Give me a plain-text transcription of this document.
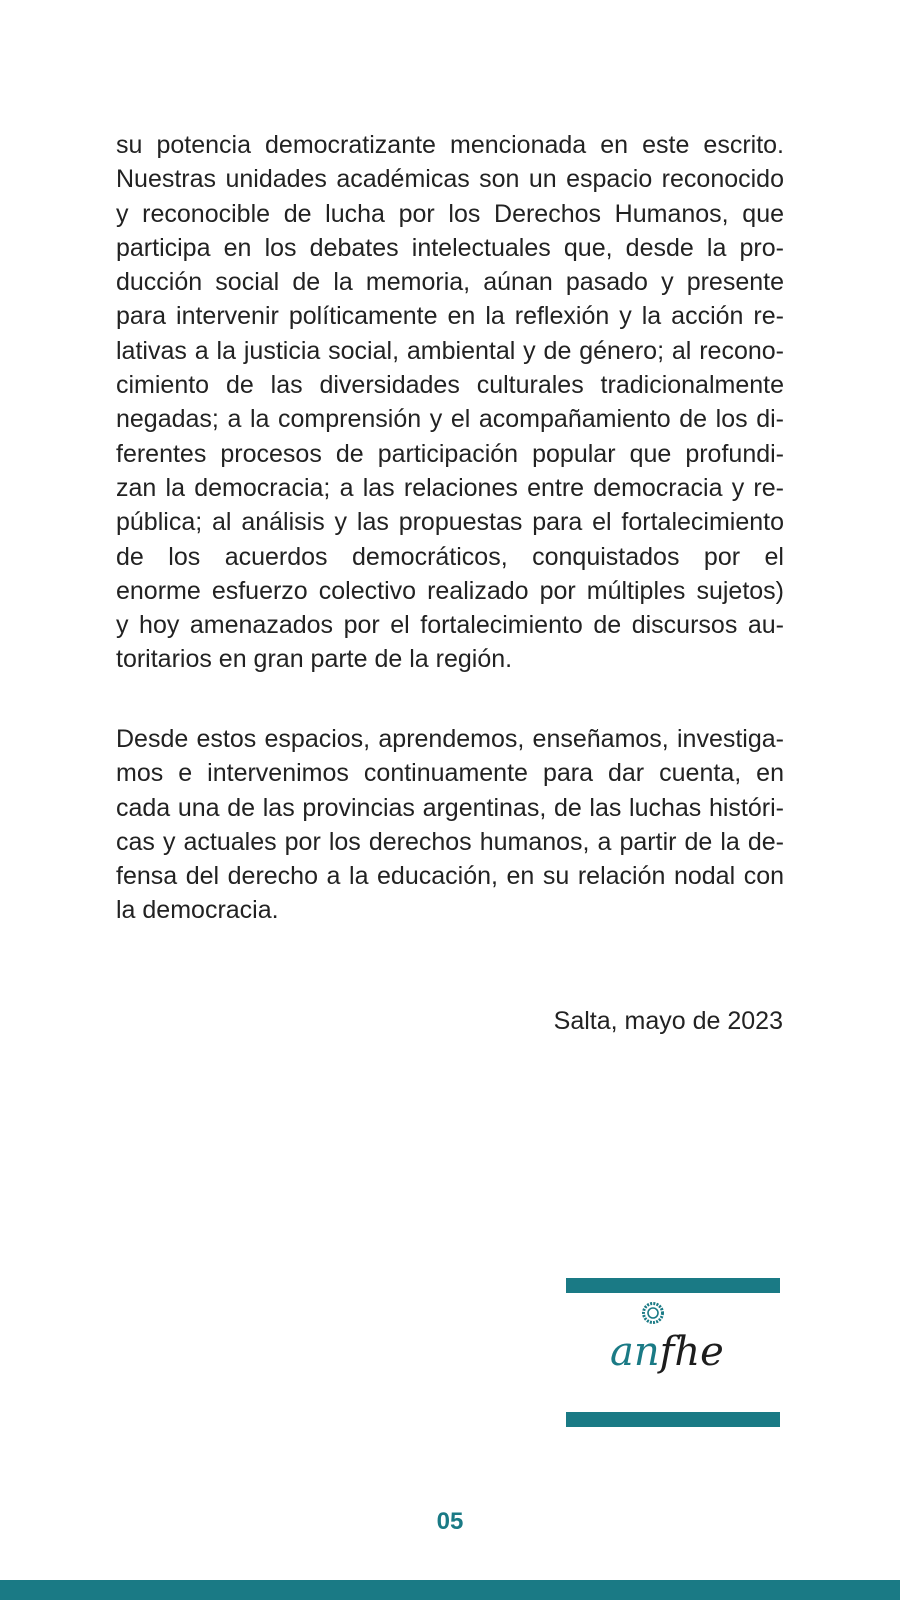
su potencia democratizante mencionada en este escrito.
Nuestras unidades académicas son un espacio reconocido
y reconocible de lucha por los Derechos Humanos, que
participa en los debates intelectuales que, desde la pro-
ducción social de la memoria, aúnan pasado y presente
para intervenir políticamente en la reflexión y la acción re-
lativas a la justicia social, ambiental y de género; al recono-
cimiento de las diversidades culturales tradicionalmente
negadas; a la comprensión y el acompañamiento de los di-
ferentes procesos de participación popular que profundi-
zan la democracia; a las relaciones entre democracia y re-
pública; al análisis y las propuestas para el fortalecimiento
de los acuerdos democráticos, conquistados por el
enorme esfuerzo colectivo realizado por múltiples sujetos)
y hoy amenazados por el fortalecimiento de discursos au-
toritarios en gran parte de la región.
Desde estos espacios, aprendemos, enseñamos, investiga-
mos e intervenimos continuamente para dar cuenta, en
cada una de las provincias argentinas, de las luchas históri-
cas y actuales por los derechos humanos, a partir de la de-
fensa del derecho a la educación, en su relación nodal con
la democracia.

Salta, mayo de 2023

anfhe
05
